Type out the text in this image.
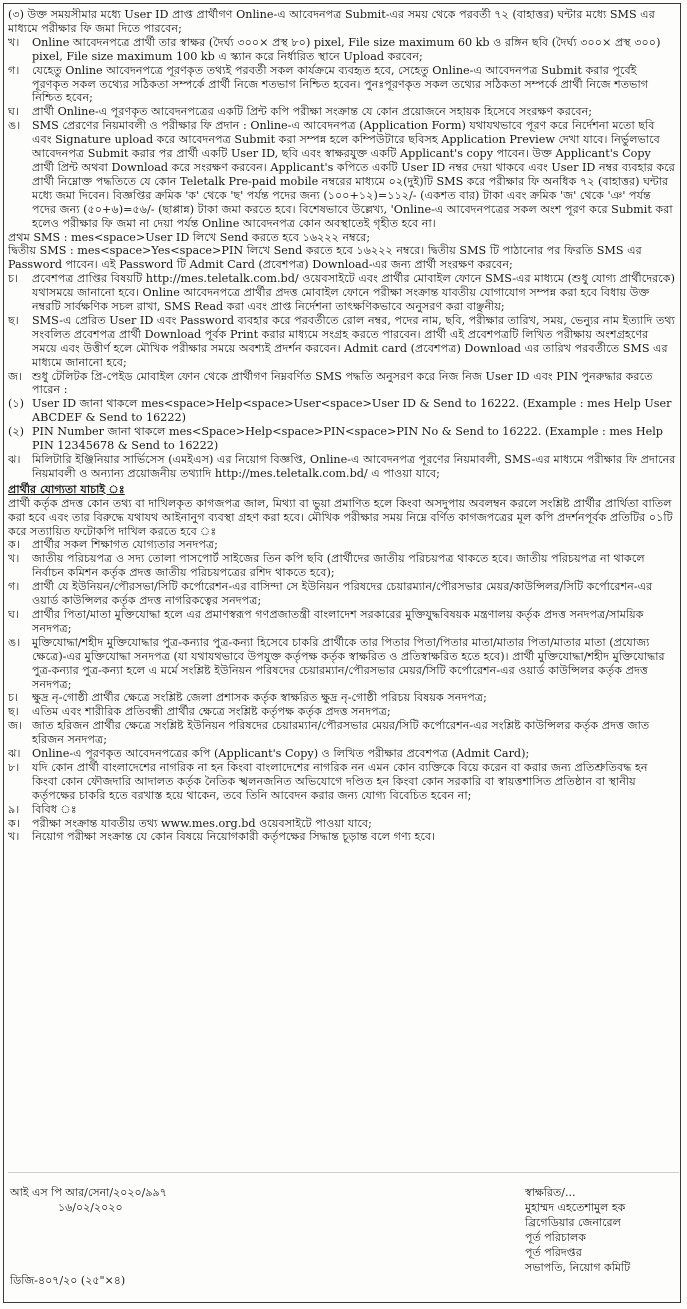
(৩) উক্ত সময়সীমার মধ্যে User ID প্রাপ্ত প্রার্থীগণ Online-এ আবেদনপত্র Submit-এর সময় থেকে পরবর্তী ৭২ (বাহাত্তর) ঘন্টার মধ্যে SMS এর মাধ্যমে পরীক্ষার ফি জমা দিতে পারবেন;
খ।	Online আবেদনপত্রে প্রার্থী তার স্বাক্ষর (দৈর্ঘ্য ৩০০× প্রস্থ ৮০) pixel, File size maximum 60 kb ও রঙ্গিন ছবি (দৈর্ঘ্য ৩০০× প্রস্থ ৩০০) pixel, File size maximum 100 kb এ স্ক্যান করে নির্ধারিত স্থানে Upload করবেন;
গ।	যেহেতু Online আবেদনপত্রে পূরণকৃত তথ্যই পরবর্তী সকল কার্যক্রমে ব্যবহৃত হবে, সেহেতু Online-এ আবেদনপত্র Submit করার পূর্বেই পূরণকৃত সকল তথ্যের সঠিকতা সম্পর্কে প্রার্থী নিজে শতভাগ নিশ্চিত হবেন। পুনঃপূরণকৃত সকল তথ্যের সঠিকতা সম্পর্কে প্রার্থী নিজে শতভাগ নিশ্চিত হবেন;
ঘ।	প্রার্থী Online-এ পূরণকৃত আবেদনপত্রের একটি প্রিন্ট কপি পরীক্ষা সংক্রান্ত যে কোন প্রয়োজনে সহায়ক হিসেবে সংরক্ষণ করবেন;
ঙ।	SMS প্রেরণের নিয়মাবলী ও পরীক্ষার ফি প্রদান : Online-এ আবেদনপত্র (Application Form) যথাযথভাবে পূরণ করে নির্দেশনা মতো ছবি এবং Signature upload করে আবেদনপত্র Submit করা সম্পন্ন হলে কম্পিউটারে ছবিসহ Application Preview দেখা যাবে। নির্ভুলভাবে আবেদনপত্র Submit করার পর প্রার্থী একটি User ID, ছবি এবং স্বাক্ষরযুক্ত একটি Applicant's copy পাবেন। উক্ত Applicant's Copy প্রার্থী প্রিন্ট অথবা Download করে সংরক্ষণ করবেন। Applicant's কপিতে একটি User ID নম্বর দেয়া থাকবে এবং User ID নম্বর ব্যবহার করে প্রার্থী নিম্নোক্ত পদ্ধতিতে যে কোন Teletalk Pre-paid mobile নম্বরের মাধ্যমে ০২(দুই)টি SMS করে পরীক্ষার ফি অনধিক ৭২ (বাহাত্তর) ঘন্টার মধ্যে জমা দিবেন। বিজ্ঞপ্তির ক্রমিক 'ক' থেকে 'ছ' পর্যন্ত পদের জন্য (১০০+১২)=১১২/- (একশত বার) টাকা এবং ক্রমিক 'জ' থেকে 'ঞ' পর্যন্ত পদের জন্য (৫০+৬)=৫৬/- (ছাপ্পান্ন) টাকা জমা করতে হবে। বিশেষভাবে উল্লেখ্য, 'Online-এ আবেদনপত্রের সকল অংশ পূরণ করে Submit করা হলেও পরীক্ষার ফি জমা না দেয়া পর্যন্ত Online আবেদনপত্র কোন অবস্থাতেই গৃহীত হবে না।
প্রথম SMS : mes<space>User ID লিখে Send করতে হবে ১৬২২২ নম্বরে;
দ্বিতীয় SMS : mes<space>Yes<space>PIN লিখে Send করতে হবে ১৬২২২ নম্বরে। দ্বিতীয় SMS টি পাঠানোর পর ফিরতি SMS এর Password পাবেন। এই Password টি Admit Card (প্রবেশপত্র) Download-এর জন্য প্রার্থী সংরক্ষণ করবেন;
চ।	প্রবেশপত্র প্রাপ্তির বিষয়টি http://mes.teletalk.com.bd/ ওয়েবসাইটে এবং প্রার্থীর মোবাইল ফোনে SMS-এর মাধ্যমে (শুধু যোগ্য প্রার্থীদেরকে) যথাসময়ে জানানো হবে। Online আবেদনপত্রে প্রার্থীর প্রদত্ত মোবাইল ফোনে পরীক্ষা সংক্রান্ত যাবতীয় যোগাযোগ সম্পন্ন করা হবে বিধায় উক্ত নম্বরটি সার্বক্ষণিক সচল রাখা, SMS Read করা এবং প্রাপ্ত নির্দেশনা তাৎক্ষণিকভাবে অনুসরণ করা বাঞ্ছনীয়;
ছ।	SMS-এ প্রেরিত User ID এবং Password ব্যবহার করে পরবর্তীতে রোল নম্বর, পদের নাম, ছবি, পরীক্ষার তারিখ, সময়, ভেন্যুর নাম ইত্যাদি তথ্য সংবলিত প্রবেশপত্র প্রার্থী Download পূর্বক Print করার মাধ্যমে সংগ্রহ করতে পারবেন। প্রার্থী এই প্রবেশপত্রটি লিখিত পরীক্ষায় অংশগ্রহণের সময়ে এবং উত্তীর্ণ হলে মৌখিক পরীক্ষার সময়ে অবশ্যই প্রদর্শন করবেন। Admit card (প্রবেশপত্র) Download এর তারিখ পরবর্তীতে SMS এর মাধ্যমে জানানো হবে;
জ। শুধু টেলিটক প্রি-পেইড মোবাইল ফোন থেকে প্রার্থীগণ নিম্নবর্ণিত SMS পদ্ধতি অনুসরণ করে নিজ নিজ User ID এবং PIN পুনরুদ্ধার করতে পারেন :
(১) User ID জানা থাকলে mes<space>Help<space>User<space>User ID & Send to 16222. (Example : mes Help User ABCDEF & Send to 16222)
(২) PIN Number জানা থাকলে mes<Space>Help<space>PIN<space>PIN No & Send to 16222. (Example : mes Help PIN 12345678 & Send to 16222)
ঝ।	মিলিটারি ইঞ্জিনিয়ার সার্ভিসেস (এমইএস) এর নিয়োগ বিজ্ঞপ্তি, Online-এ আবেদনপত্র পূরণের নিয়মাবলী, SMS-এর মাধ্যমে পরীক্ষার ফি প্রদানের নিয়মাবলী ও অন্যান্য প্রয়োজনীয় তথ্যাদি http://mes.teletalk.com.bd/ এ পাওয়া যাবে;
প্রার্থীর যোগ্যতা যাচাই ঃ
প্রার্থী কর্তৃক প্রদত্ত কোন তথ্য বা দাখিলকৃত কাগজপত্র জাল, মিথ্যা বা ভুয়া প্রমাণিত হলে কিংবা অসদুপায় অবলম্বন করলে সংশ্লিষ্ট প্রার্থীর প্রার্থিতা বাতিল করা হবে এবং তার বিরুদ্ধে যথাযথ আইনানুগ ব্যবস্থা গ্রহণ করা হবে। মৌখিক পরীক্ষার সময় নিম্নে বর্ণিত কাগজপত্রের মূল কপি প্রদর্শনপূর্বক প্রতিটির ০১টি করে সত্যায়িত ফটোকপি দাখিল করতে হবে ঃ
ক।	প্রার্থীর সকল শিক্ষাগত যোগ্যতার সনদপত্র;
খ।	জাতীয় পরিচয়পত্র ও সদ্য তোলা পাসপোর্ট সাইজের তিন কপি ছবি (প্রার্থীদের জাতীয় পরিচয়পত্র থাকতে হবে। জাতীয় পরিচয়পত্র না থাকলে নির্বাচন কমিশন কর্তৃক প্রদত্ত জাতীয় পরিচয়পত্রের রশিদ থাকতে হবে);
গ।	প্রার্থী যে ইউনিয়ন/পৌরসভা/সিটি কর্পোরেশন-এর বাসিন্দা সে ইউনিয়ন পরিষদের চেয়ারম্যান/পৌরসভার মেয়র/কাউন্সিলর/সিটি কর্পোরেশন-এর ওয়ার্ড কাউন্সিলর কর্তৃক প্রদত্ত নাগরিকত্বের সনদপত্র;
ঘ।	প্রার্থীর পিতা/মাতা মুক্তিযোদ্ধা হলে এর প্রমাণস্বরূপ গণপ্রজাতন্ত্রী বাংলাদেশ সরকারের মুক্তিযুদ্ধবিষয়ক মন্ত্রণালয় কর্তৃক প্রদত্ত সনদপত্র/সাময়িক সনদপত্র;
ঙ।	মুক্তিযোদ্ধা/শহীদ মুক্তিযোদ্ধার পুত্র-কন্যার পুত্র-কন্যা হিসেবে চাকরি প্রার্থীকে তার পিতার পিতা/পিতার মাতা/মাতার পিতা/মাতার মাতা (প্রযোজ্য ক্ষেত্রে)-এর মুক্তিযোদ্ধা সনদপত্র (যা যথাযথভাবে উপযুক্ত কর্তৃপক্ষ কর্তৃক স্বাক্ষরিত ও প্রতিস্বাক্ষরিত হতে হবে)। প্রার্থী মুক্তিযোদ্ধা/শহীদ মুক্তিযোদ্ধার পুত্র-কন্যার পুত্র-কন্যা হলে এ মর্মে সংশ্লিষ্ট ইউনিয়ন পরিষদের চেয়ারম্যান/পৌরসভার মেয়র/সিটি কর্পোরেশন-এর ওয়ার্ড কাউন্সিলর কর্তৃক প্রদত্ত সনদপত্র;
চ।	ক্ষুদ্র নৃ-গোষ্ঠী প্রার্থীর ক্ষেত্রে সংশ্লিষ্ট জেলা প্রশাসক কর্তৃক স্বাক্ষরিত ক্ষুদ্র নৃ-গোষ্ঠী পরিচয় বিষয়ক সনদপত্র;
ছ।	এতিম এবং শারীরিক প্রতিবন্ধী প্রার্থীর ক্ষেত্রে সংশ্লিষ্ট কর্তৃপক্ষ কর্তৃক প্রদত্ত সনদপত্র;
জ। জাত হরিজন প্রার্থীর ক্ষেত্রে সংশ্লিষ্ট ইউনিয়ন পরিষদের চেয়ারম্যান/পৌরসভার মেয়র/সিটি কর্পোরেশন-এর সংশ্লিষ্ট কাউন্সিলর কর্তৃক প্রদত্ত জাত হরিজন সনদপত্র;
ঝ।	Online-এ পূরণকৃত আবেদনপত্রের কপি (Applicant's Copy) ও লিখিত পরীক্ষার প্রবেশপত্র (Admit Card);
৮।	যদি কোন প্রার্থী বাংলাদেশের নাগরিক না হন কিংবা বাংলাদেশের নাগরিক নন এমন কোন ব্যক্তিকে বিয়ে করেন বা করার জন্য প্রতিশ্রুতিবদ্ধ হন কিংবা কোন ফৌজদারি আদালত কর্তৃক নৈতিক স্খলনজনিত অভিযোগে দণ্ডিত হন কিংবা কোন সরকারি বা স্বায়ত্তশাসিত প্রতিষ্ঠান বা স্থানীয় কর্তৃপক্ষের চাকরি হতে বরখাস্ত হয়ে থাকেন, তবে তিনি আবেদন করার জন্য যোগ্য বিবেচিত হবেন না;
৯।	বিবিধ ঃ
ক।	পরীক্ষা সংক্রান্ত যাবতীয় তথ্য www.mes.org.bd ওয়েবসাইটে পাওয়া যাবে;
খ।	নিয়োগ পরীক্ষা সংক্রান্ত যে কোন বিষয়ে নিয়োগকারী কর্তৃপক্ষের সিদ্ধান্ত চূড়ান্ত বলে গণ্য হবে।
আই এস পি আর/সেনা/২০২০/৯৯৭
১৬/০২/২০২০
স্বাক্ষরিত/...
মুহাম্মদ এহতেশামুল হক
ব্রিগেডিয়ার জেনারেল
পূর্ত পরিচালক
পূর্ত পরিদপ্তর
সভাপতি, নিয়োগ কমিটি
ডিজি-৪০৭/২০ (২৫"×৪)
